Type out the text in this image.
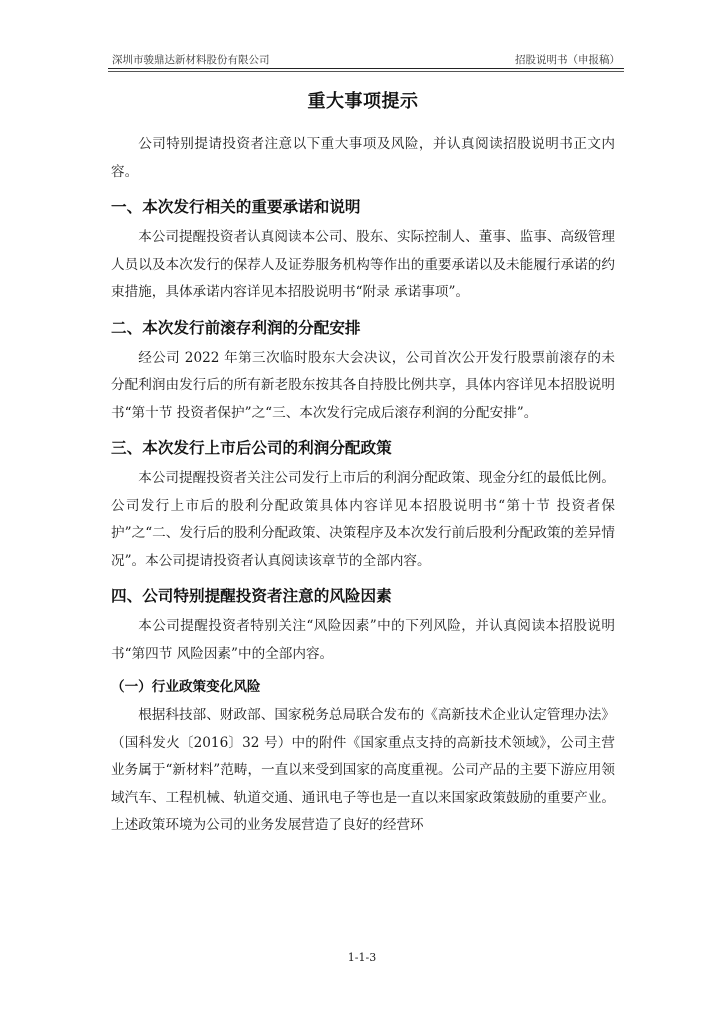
深圳市骏鼎达新材料股份有限公司	招股说明书（申报稿）
重大事项提示

公司特别提请投资者注意以下重大事项及风险，并认真阅读招股说明书正文内容。

一、本次发行相关的重要承诺和说明

本公司提醒投资者认真阅读本公司、股东、实际控制人、董事、监事、高级管理人员以及本次发行的保荐人及证券服务机构等作出的重要承诺以及未能履行承诺的约束措施，具体承诺内容详见本招股说明书“附录 承诺事项”。

二、本次发行前滚存利润的分配安排

经公司 2022 年第三次临时股东大会决议，公司首次公开发行股票前滚存的未分配利润由发行后的所有新老股东按其各自持股比例共享，具体内容详见本招股说明书“第十节 投资者保护”之“三、本次发行完成后滚存利润的分配安排”。

三、本次发行上市后公司的利润分配政策

本公司提醒投资者关注公司发行上市后的利润分配政策、现金分红的最低比例。公司发行上市后的股利分配政策具体内容详见本招股说明书“第十节 投资者保护”之“二、发行后的股利分配政策、决策程序及本次发行前后股利分配政策的差异情况”。本公司提请投资者认真阅读该章节的全部内容。

四、公司特别提醒投资者注意的风险因素

本公司提醒投资者特别关注“风险因素”中的下列风险，并认真阅读本招股说明书“第四节 风险因素”中的全部内容。

（一）行业政策变化风险

根据科技部、财政部、国家税务总局联合发布的《高新技术企业认定管理办法》（国科发火〔2016〕32 号）中的附件《国家重点支持的高新技术领域》，公司主营业务属于“新材料”范畴，一直以来受到国家的高度重视。公司产品的主要下游应用领域汽车、工程机械、轨道交通、通讯电子等也是一直以来国家政策鼓励的重要产业。上述政策环境为公司的业务发展营造了良好的经营环

1-1-3
